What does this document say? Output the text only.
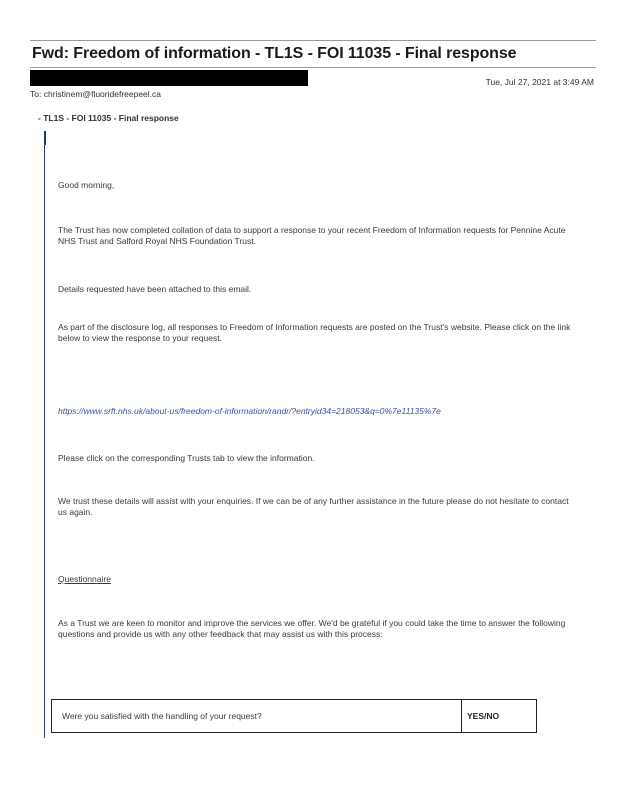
Fwd: Freedom of information - TL1S - FOI 11035 - Final response
Tue, Jul 27, 2021 at 3:49 AM
To: christinem@fluoridefreepeel.ca
- TL1S - FOI 11035 - Final response
Good morning,
The Trust has now completed collation of data to support a response to your recent Freedom of Information requests for Pennine Acute NHS Trust and Salford Royal NHS Foundation Trust.
Details requested have been attached to this email.
As part of the disclosure log, all responses to Freedom of Information requests are posted on the Trust's website. Please click on the link below to view the response to your request.
https://www.srft.nhs.uk/about-us/freedom-of-information/randr/?entryid34=218053&q=0%7e11135%7e
Please click on the corresponding Trusts tab to view the information.
We trust these details will assist with your enquiries. If we can be of any further assistance in the future please do not hesitate to contact us again.
Questionnaire
As a Trust we are keen to monitor and improve the services we offer. We'd be grateful if you could take the time to answer the following questions and provide us with any other feedback that may assist us with this process:
Were you satisfied with the handling of your request?	YES/NO
